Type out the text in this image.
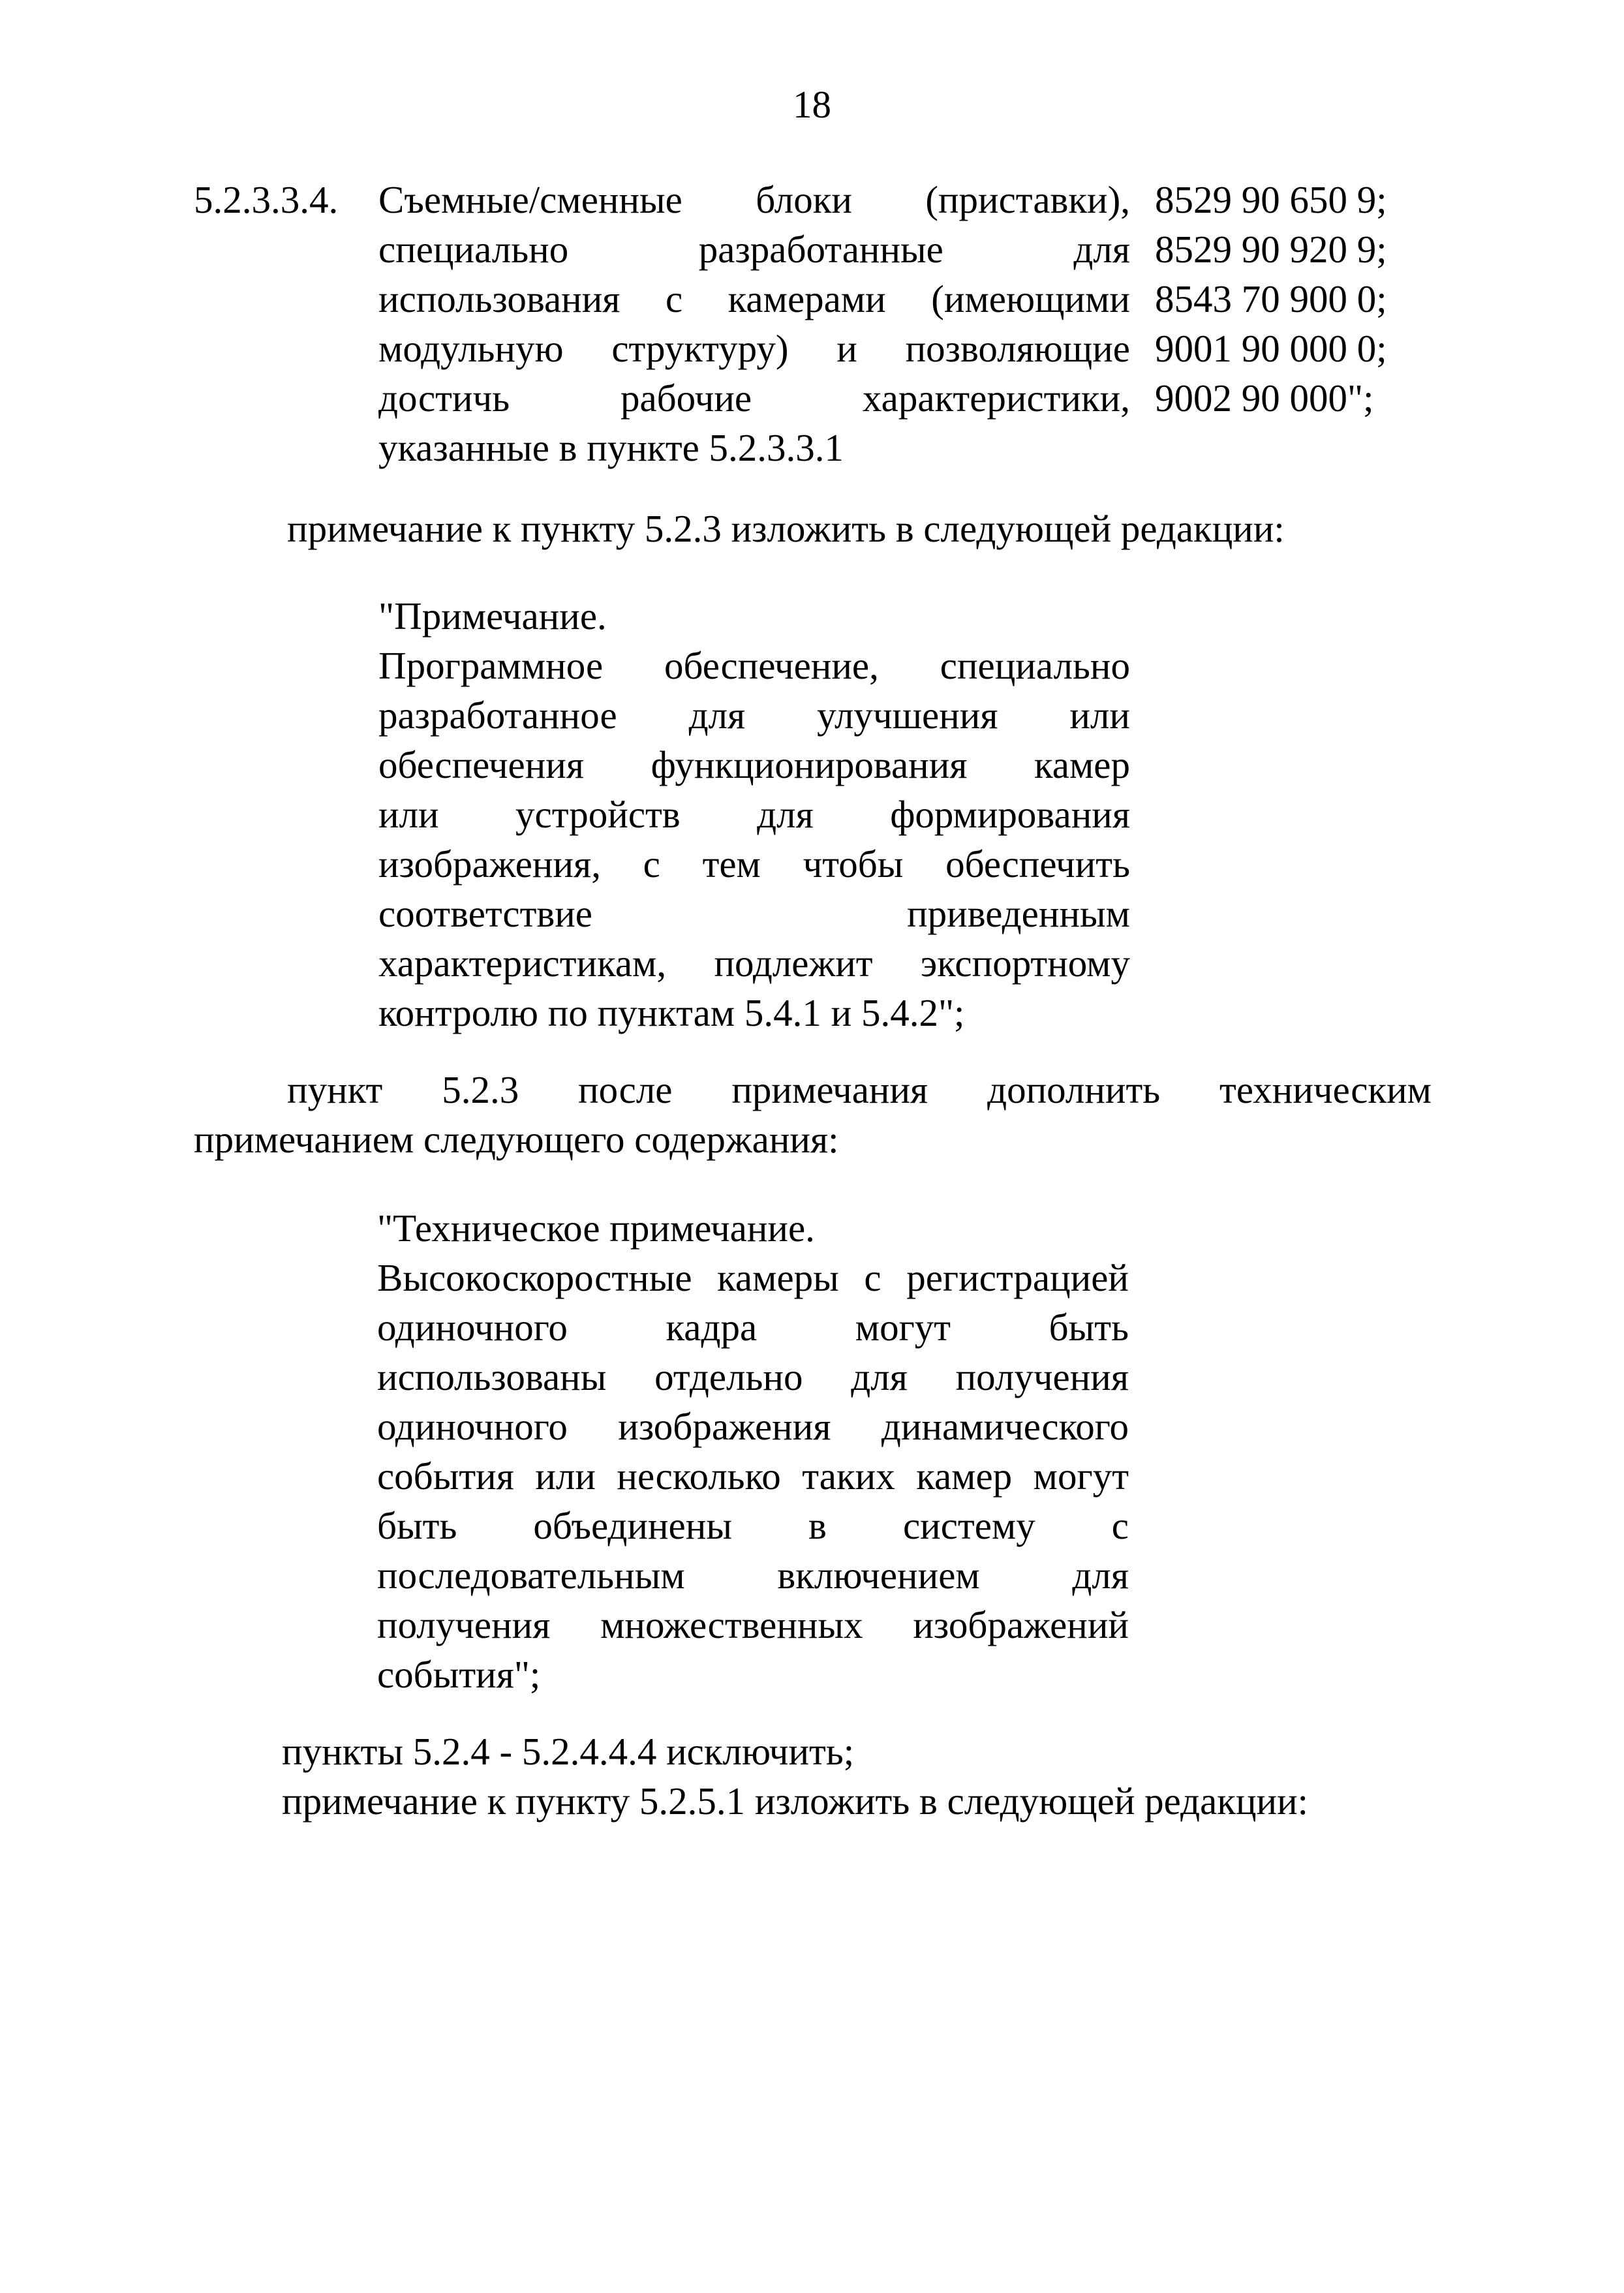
18
5.2.3.3.4. Съемные/сменные блоки (приставки),
специально разработанные для
использования с камерами (имеющими
модульную структуру) и позволяющие
достичь рабочие характеристики,
указанные в пункте 5.2.3.3.1
8529 90 650 9;
8529 90 920 9;
8543 70 900 0;
9001 90 000 0;
9002 90 000";
примечание к пункту 5.2.3 изложить в следующей редакции:
"Примечание.
Программное обеспечение, специально
разработанное для улучшения или
обеспечения функционирования камер
или устройств для формирования
изображения, с тем чтобы обеспечить
соответствие приведенным
характеристикам, подлежит экспортному
контролю по пунктам 5.4.1 и 5.4.2";
пункт 5.2.3 после примечания дополнить техническим
примечанием следующего содержания:
"Техническое примечание.
Высокоскоростные камеры с регистрацией
одиночного кадра могут быть
использованы отдельно для получения
одиночного изображения динамического
события или несколько таких камер могут
быть объединены в систему с
последовательным включением для
получения множественных изображений
события";
пункты 5.2.4 - 5.2.4.4.4 исключить;
примечание к пункту 5.2.5.1 изложить в следующей редакции:
